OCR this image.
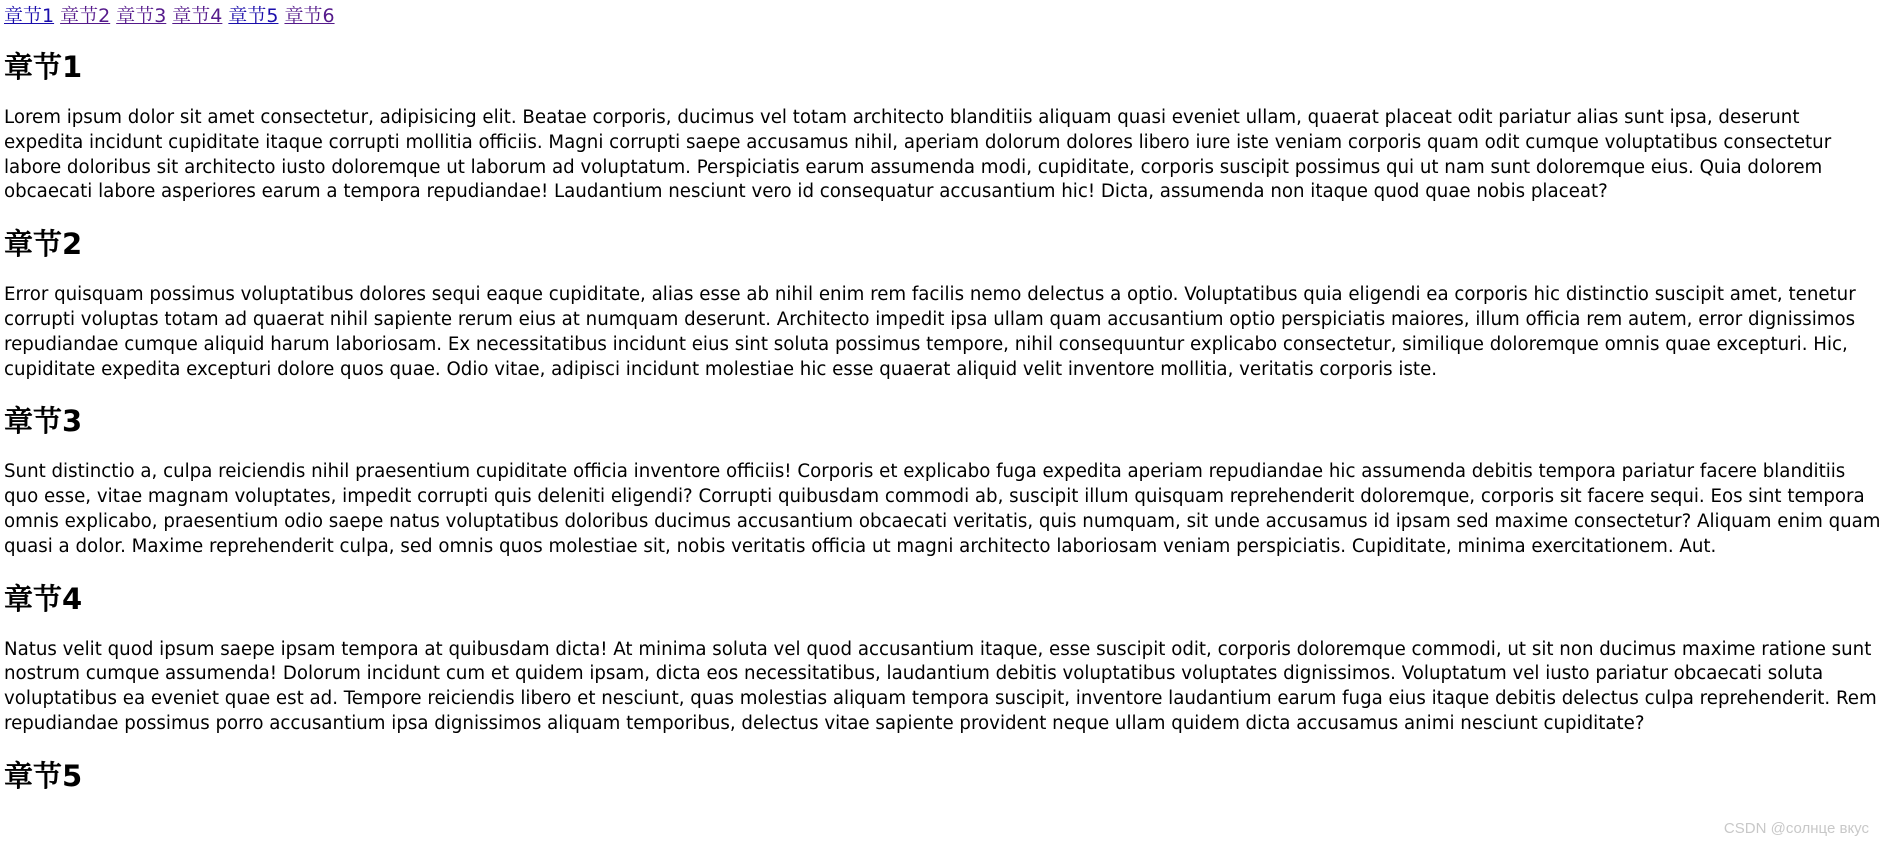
章节1 章节2 章节3 章节4 章节5 章节6
章节1

Lorem ipsum dolor sit amet consectetur, adipisicing elit. Beatae corporis, ducimus vel totam architecto blanditiis aliquam quasi eveniet ullam, quaerat placeat odit pariatur alias sunt ipsa, deserunt expedita incidunt cupiditate itaque corrupti mollitia officiis. Magni corrupti saepe accusamus nihil, aperiam dolorum dolores libero iure iste veniam corporis quam odit cumque voluptatibus consectetur labore doloribus sit architecto iusto doloremque ut laborum ad voluptatum. Perspiciatis earum assumenda modi, cupiditate, corporis suscipit possimus qui ut nam sunt doloremque eius. Quia dolorem obcaecati labore asperiores earum a tempora repudiandae! Laudantium nesciunt vero id consequatur accusantium hic! Dicta, assumenda non itaque quod quae nobis placeat?

章节2

Error quisquam possimus voluptatibus dolores sequi eaque cupiditate, alias esse ab nihil enim rem facilis nemo delectus a optio. Voluptatibus quia eligendi ea corporis hic distinctio suscipit amet, tenetur corrupti voluptas totam ad quaerat nihil sapiente rerum eius at numquam deserunt. Architecto impedit ipsa ullam quam accusantium optio perspiciatis maiores, illum officia rem autem, error dignissimos repudiandae cumque aliquid harum laboriosam. Ex necessitatibus incidunt eius sint soluta possimus tempore, nihil consequuntur explicabo consectetur, similique doloremque omnis quae excepturi. Hic, cupiditate expedita excepturi dolore quos quae. Odio vitae, adipisci incidunt molestiae hic esse quaerat aliquid velit inventore mollitia, veritatis corporis iste.

章节3

Sunt distinctio a, culpa reiciendis nihil praesentium cupiditate officia inventore officiis! Corporis et explicabo fuga expedita aperiam repudiandae hic assumenda debitis tempora pariatur facere blanditiis quo esse, vitae magnam voluptates, impedit corrupti quis deleniti eligendi? Corrupti quibusdam commodi ab, suscipit illum quisquam reprehenderit doloremque, corporis sit facere sequi. Eos sint tempora omnis explicabo, praesentium odio saepe natus voluptatibus doloribus ducimus accusantium obcaecati veritatis, quis numquam, sit unde accusamus id ipsam sed maxime consectetur? Aliquam enim quam quasi a dolor. Maxime reprehenderit culpa, sed omnis quos molestiae sit, nobis veritatis officia ut magni architecto laboriosam veniam perspiciatis. Cupiditate, minima exercitationem. Aut.

章节4

Natus velit quod ipsum saepe ipsam tempora at quibusdam dicta! At minima soluta vel quod accusantium itaque, esse suscipit odit, corporis doloremque commodi, ut sit non ducimus maxime ratione sunt nostrum cumque assumenda! Dolorum incidunt cum et quidem ipsam, dicta eos necessitatibus, laudantium debitis voluptatibus voluptates dignissimos. Voluptatum vel iusto pariatur obcaecati soluta voluptatibus ea eveniet quae est ad. Tempore reiciendis libero et nesciunt, quas molestias aliquam tempora suscipit, inventore laudantium earum fuga eius itaque debitis delectus culpa reprehenderit. Rem repudiandae possimus porro accusantium ipsa dignissimos aliquam temporibus, delectus vitae sapiente provident neque ullam quidem dicta accusamus animi nesciunt cupiditate?

章节5
CSDN @солнце вкус
